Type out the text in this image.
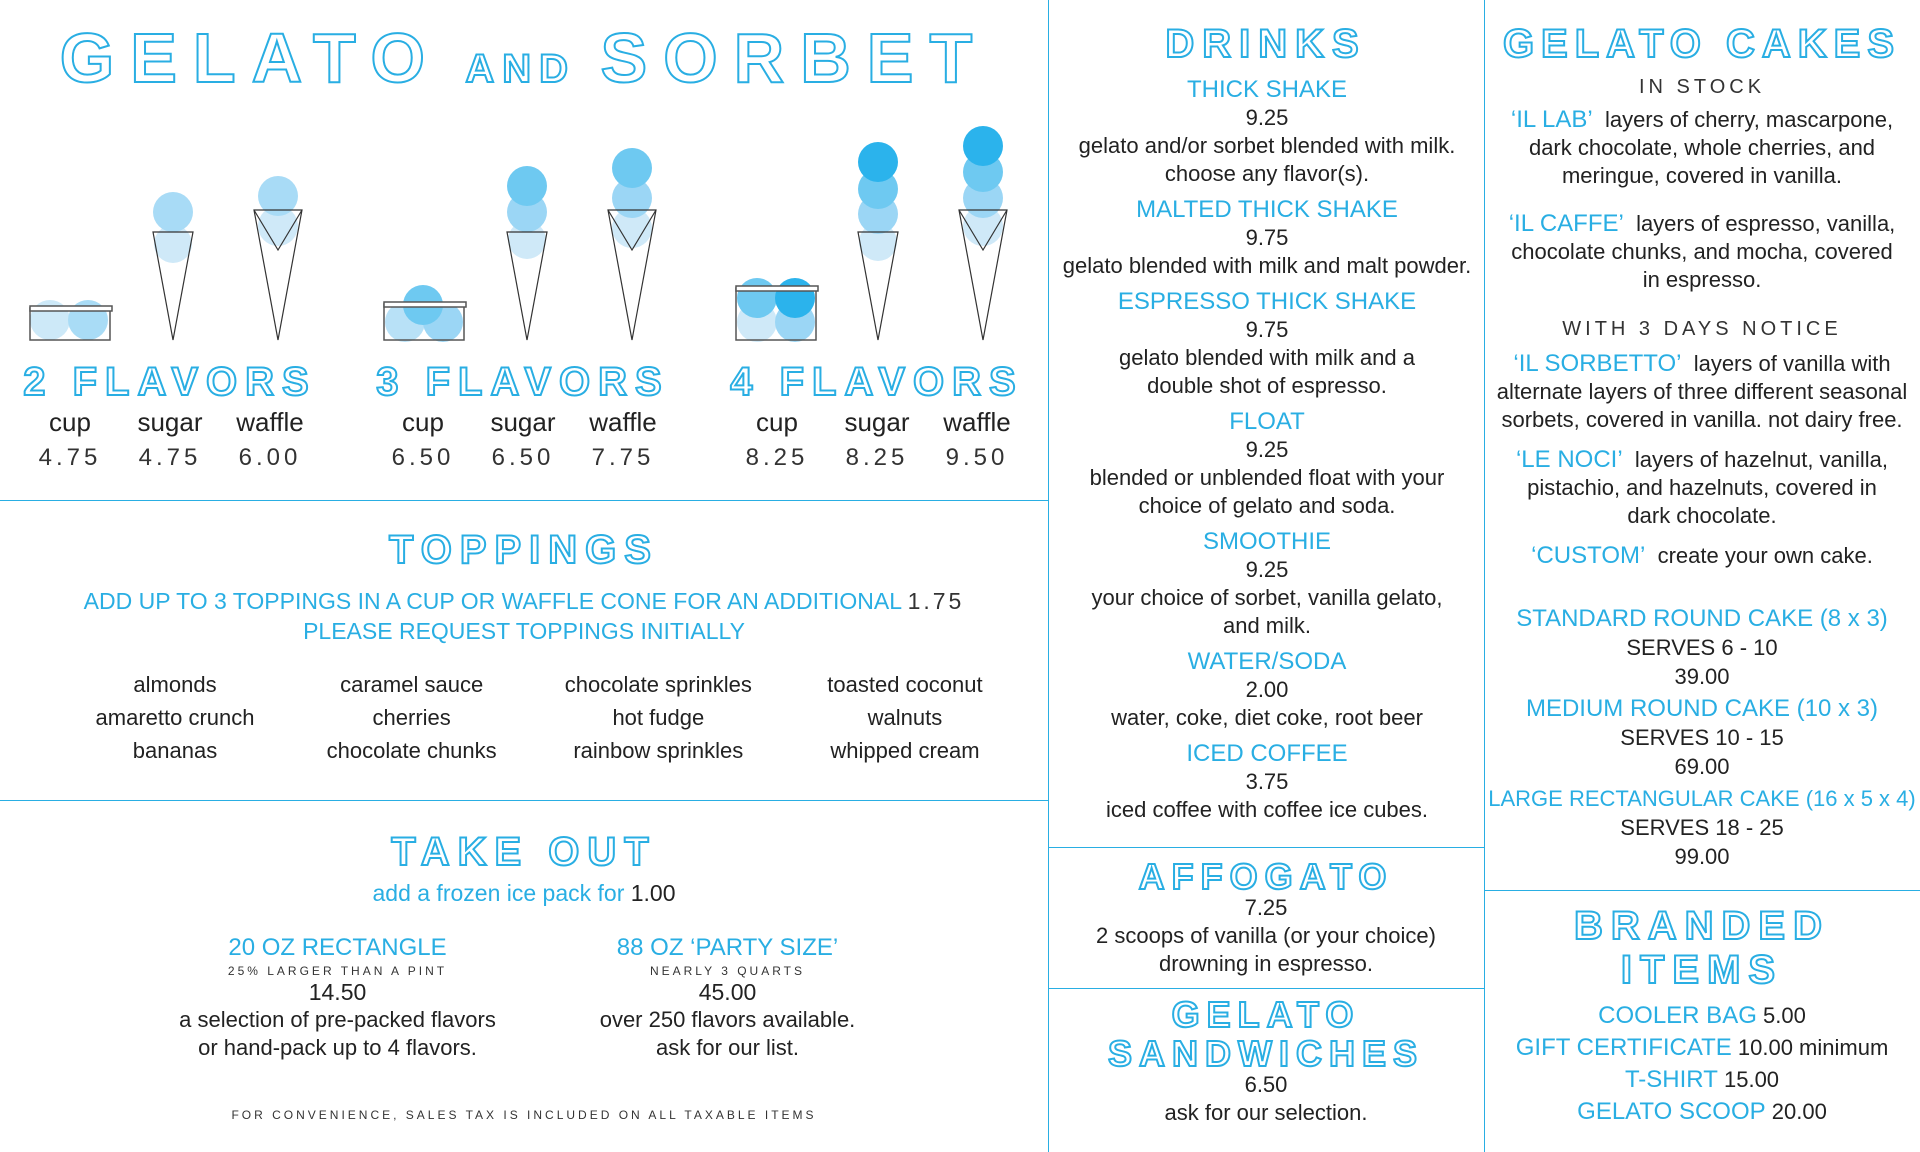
GELATO AND SORBET
2 FLAVORS
cup	sugar	waffle
4.75	4.75	6.00
3 FLAVORS
cup	sugar	waffle
6.50	6.50	7.75
4 FLAVORS
cup	sugar	waffle
8.25	8.25	9.50
TOPPINGS
ADD UP TO 3 TOPPINGS IN A CUP OR WAFFLE CONE FOR AN ADDITIONAL 1.75
PLEASE REQUEST TOPPINGS INITIALLY
almonds
amaretto crunch
bananas
caramel sauce
cherries
chocolate chunks
chocolate sprinkles
hot fudge
rainbow sprinkles
toasted coconut
walnuts
whipped cream
TAKE OUT
add a frozen ice pack for 1.00
20 OZ RECTANGLE
25% LARGER THAN A PINT
14.50
a selection of pre-packed flavors
or hand-pack up to 4 flavors.
88 OZ ‘PARTY SIZE’
NEARLY 3 QUARTS
45.00
over 250 flavors available.
ask for our list.
FOR CONVENIENCE, SALES TAX IS INCLUDED ON ALL TAXABLE ITEMS
DRINKS
THICK SHAKE
9.25
gelato and/or sorbet blended with milk.
choose any flavor(s).
MALTED THICK SHAKE
9.75
gelato blended with milk and malt powder.
ESPRESSO THICK SHAKE
9.75
gelato blended with milk and a
double shot of espresso.
FLOAT
9.25
blended or unblended float with your
choice of gelato and soda.
SMOOTHIE
9.25
your choice of sorbet, vanilla gelato,
and milk.
WATER/SODA
2.00
water, coke, diet coke, root beer
ICED COFFEE
3.75
iced coffee with coffee ice cubes.
AFFOGATO
7.25
2 scoops of vanilla (or your choice)
drowning in espresso.
GELATO
SANDWICHES
6.50
ask for our selection.
GELATO CAKES
IN STOCK
‘IL LAB’ layers of cherry, mascarpone,
dark chocolate, whole cherries, and
meringue, covered in vanilla.
‘IL CAFFE’ layers of espresso, vanilla,
chocolate chunks, and mocha, covered
in espresso.
WITH 3 DAYS NOTICE
‘IL SORBETTO’ layers of vanilla with
alternate layers of three different seasonal
sorbets, covered in vanilla. not dairy free.
‘LE NOCI’ layers of hazelnut, vanilla,
pistachio, and hazelnuts, covered in
dark chocolate.
‘CUSTOM’ create your own cake.
STANDARD ROUND CAKE (8 x 3)
SERVES 6 - 10
39.00
MEDIUM ROUND CAKE (10 x 3)
SERVES 10 - 15
69.00
LARGE RECTANGULAR CAKE (16 x 5 x 4)
SERVES 18 - 25
99.00
BRANDED
ITEMS
COOLER BAG 5.00
GIFT CERTIFICATE 10.00 minimum
T-SHIRT 15.00
GELATO SCOOP 20.00
